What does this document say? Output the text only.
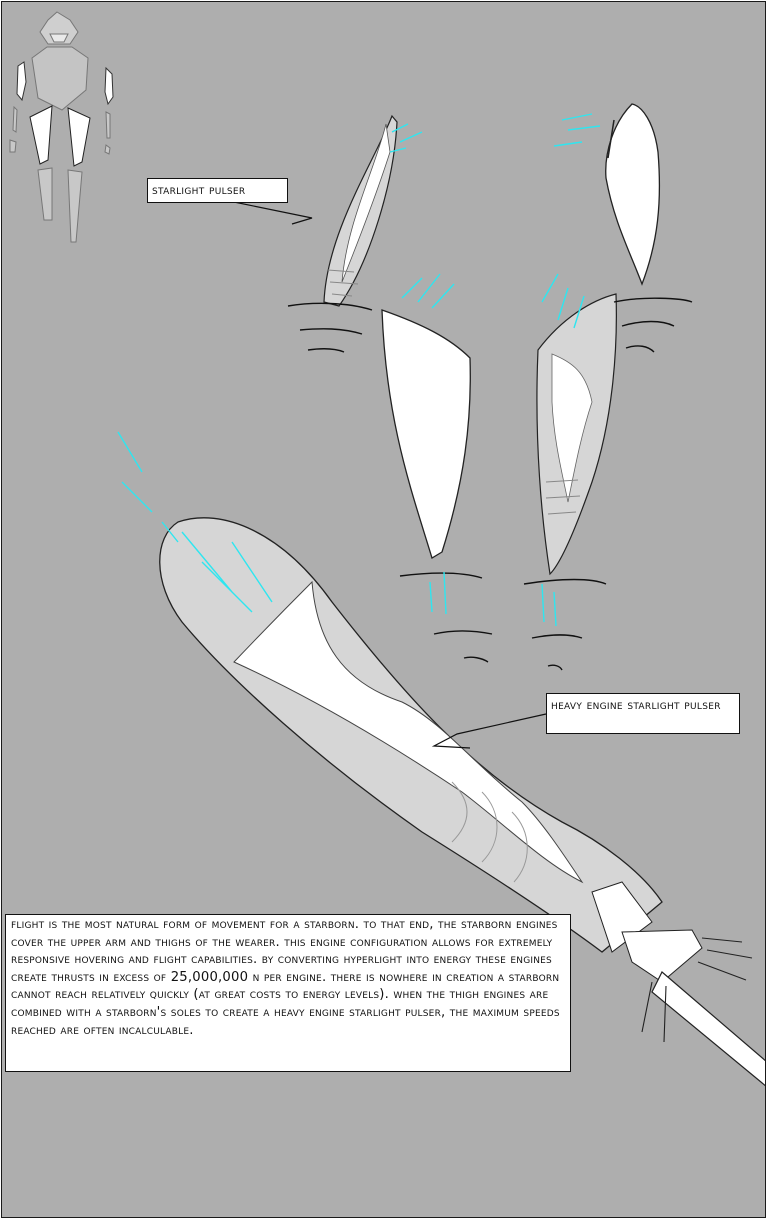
starlight pulser
heavy engine starlight pulser
flight is the most natural form of movement for a starborn. to that end, the starborn engines cover the upper arm and thighs of the wearer. this engine configuration allows for extremely responsive hovering and flight capabilities. by converting hyperlight into energy these engines create thrusts in excess of 25,000,000 n per engine. there is nowhere in creation a starborn cannot reach relatively quickly (at great costs to energy levels). when the thigh engines are combined with a starborn's soles to create a heavy engine starlight pulser, the maximum speeds reached are often incalculable.
